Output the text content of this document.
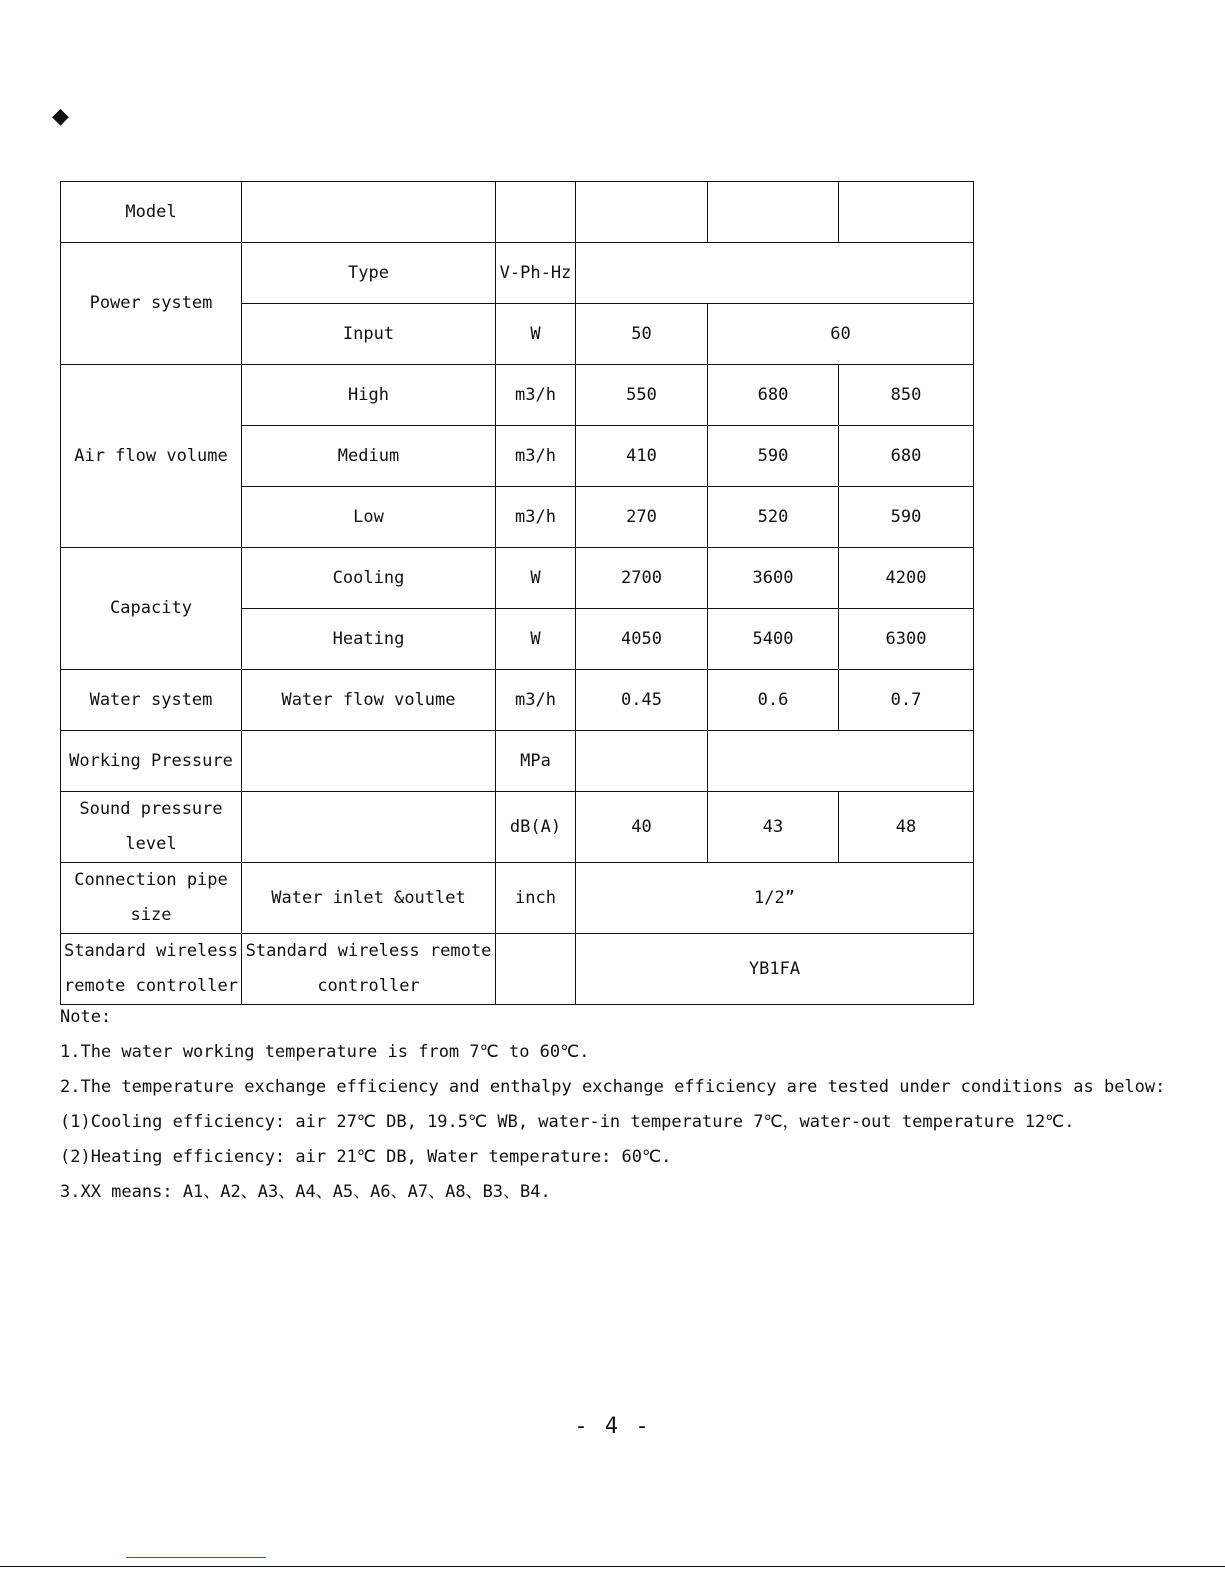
◆
Model					
Power system	Type	V-Ph-Hz			
	Input	W	50	60	
Air flow volume	High	m3/h	550	680	850
	Medium	m3/h	410	590	680
	Low	m3/h	270	520	590
Capacity	Cooling	W	2700	3600	4200
	Heating	W	4050	5400	6300
Water system	Water flow volume	m3/h	0.45	0.6	0.7
Working Pressure		MPa			
Sound pressure level		dB(A)	40	43	48
Connection pipe size	Water inlet &outlet	inch	1/2”		
Standard wireless remote controller	Standard wireless remote controller		YB1FA		
Note:
1.The water working temperature is from 7℃ to 60℃.
2.The temperature exchange efficiency and enthalpy exchange efficiency are tested under conditions as below:
(1)Cooling efficiency: air 27℃ DB, 19.5℃ WB, water-in temperature 7℃，water-out temperature 12℃.
(2)Heating efficiency: air 21℃ DB, Water temperature: 60℃.
3.XX means: A1、A2、A3、A4、A5、A6、A7、A8、B3、B4.
- 4 -
